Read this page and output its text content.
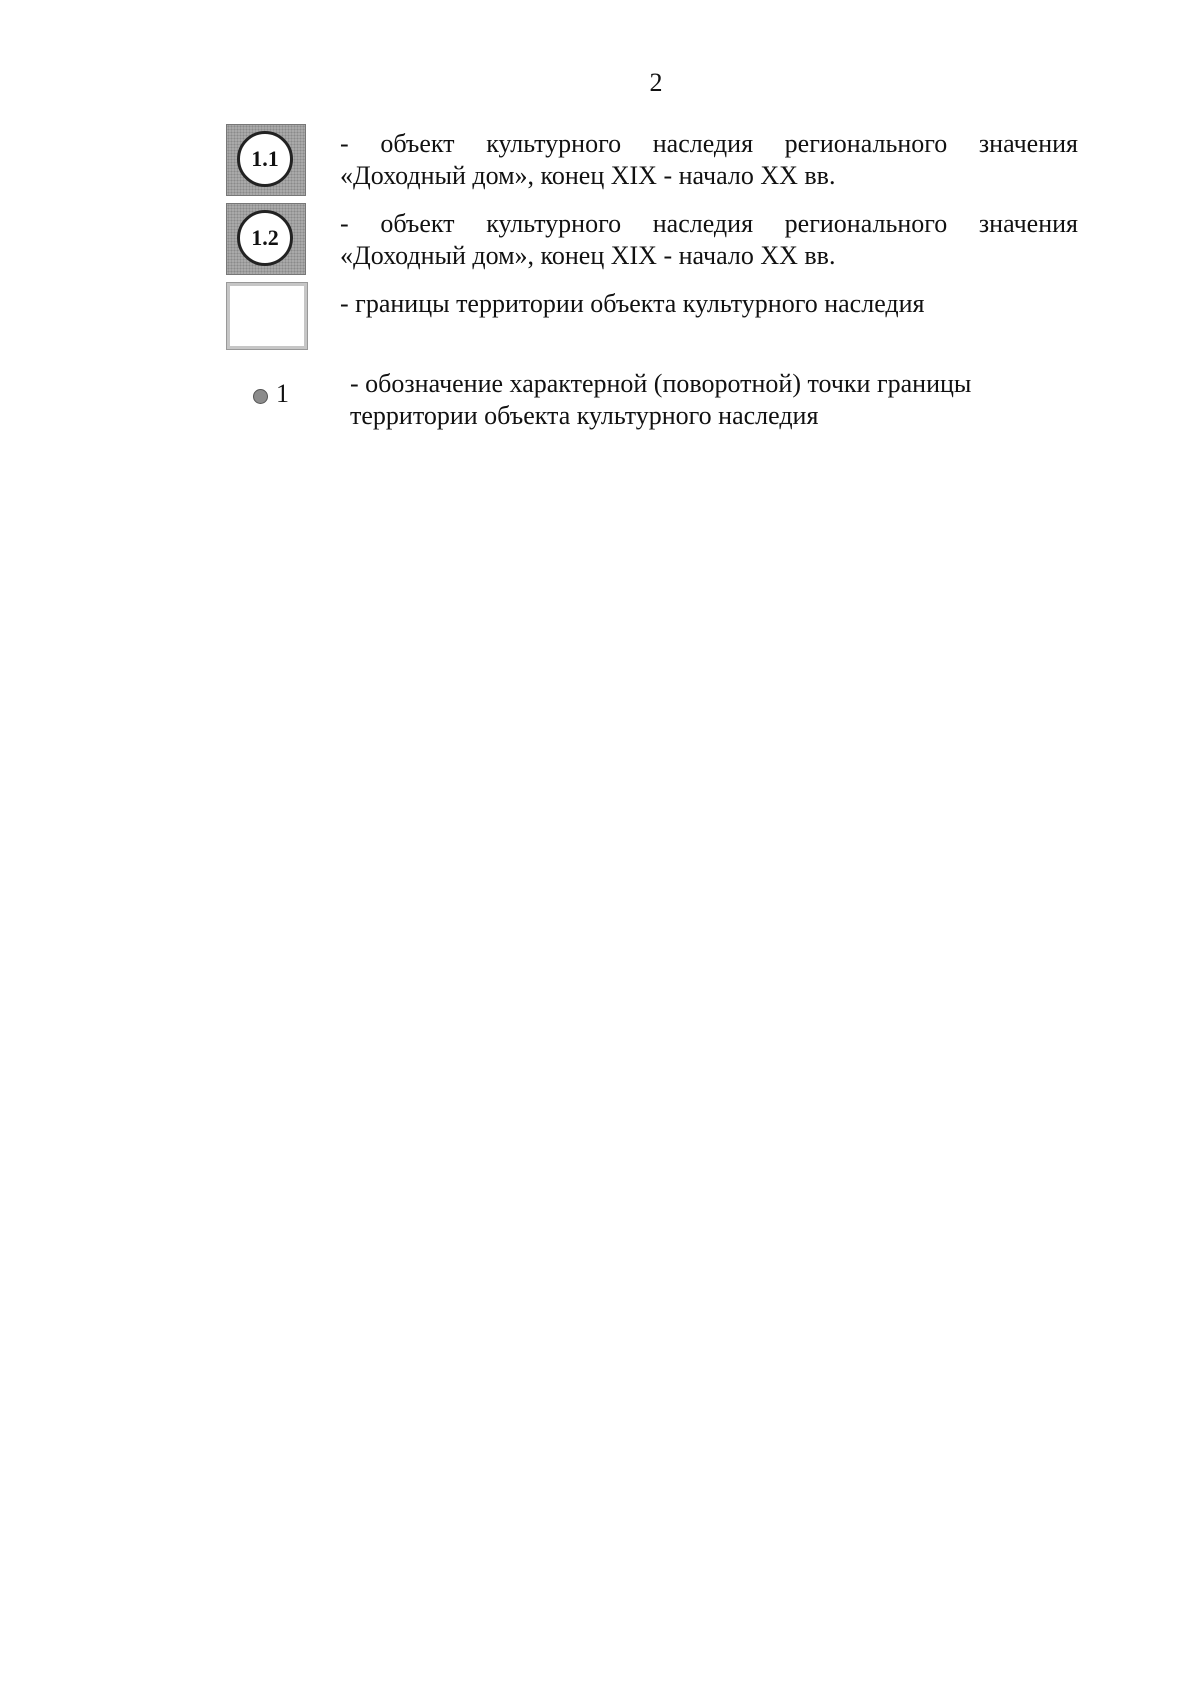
2
1.1
- объект культурного наследия регионального значения
«Доходный дом», конец XIX - начало XX вв.
1.2	- объект культурного наследия регионального значения
«Доходный дом», конец XIX - начало XX вв.
- границы территории объекта культурного наследия
1 - обозначение характерной (поворотной) точки границы
территории объекта культурного наследия
